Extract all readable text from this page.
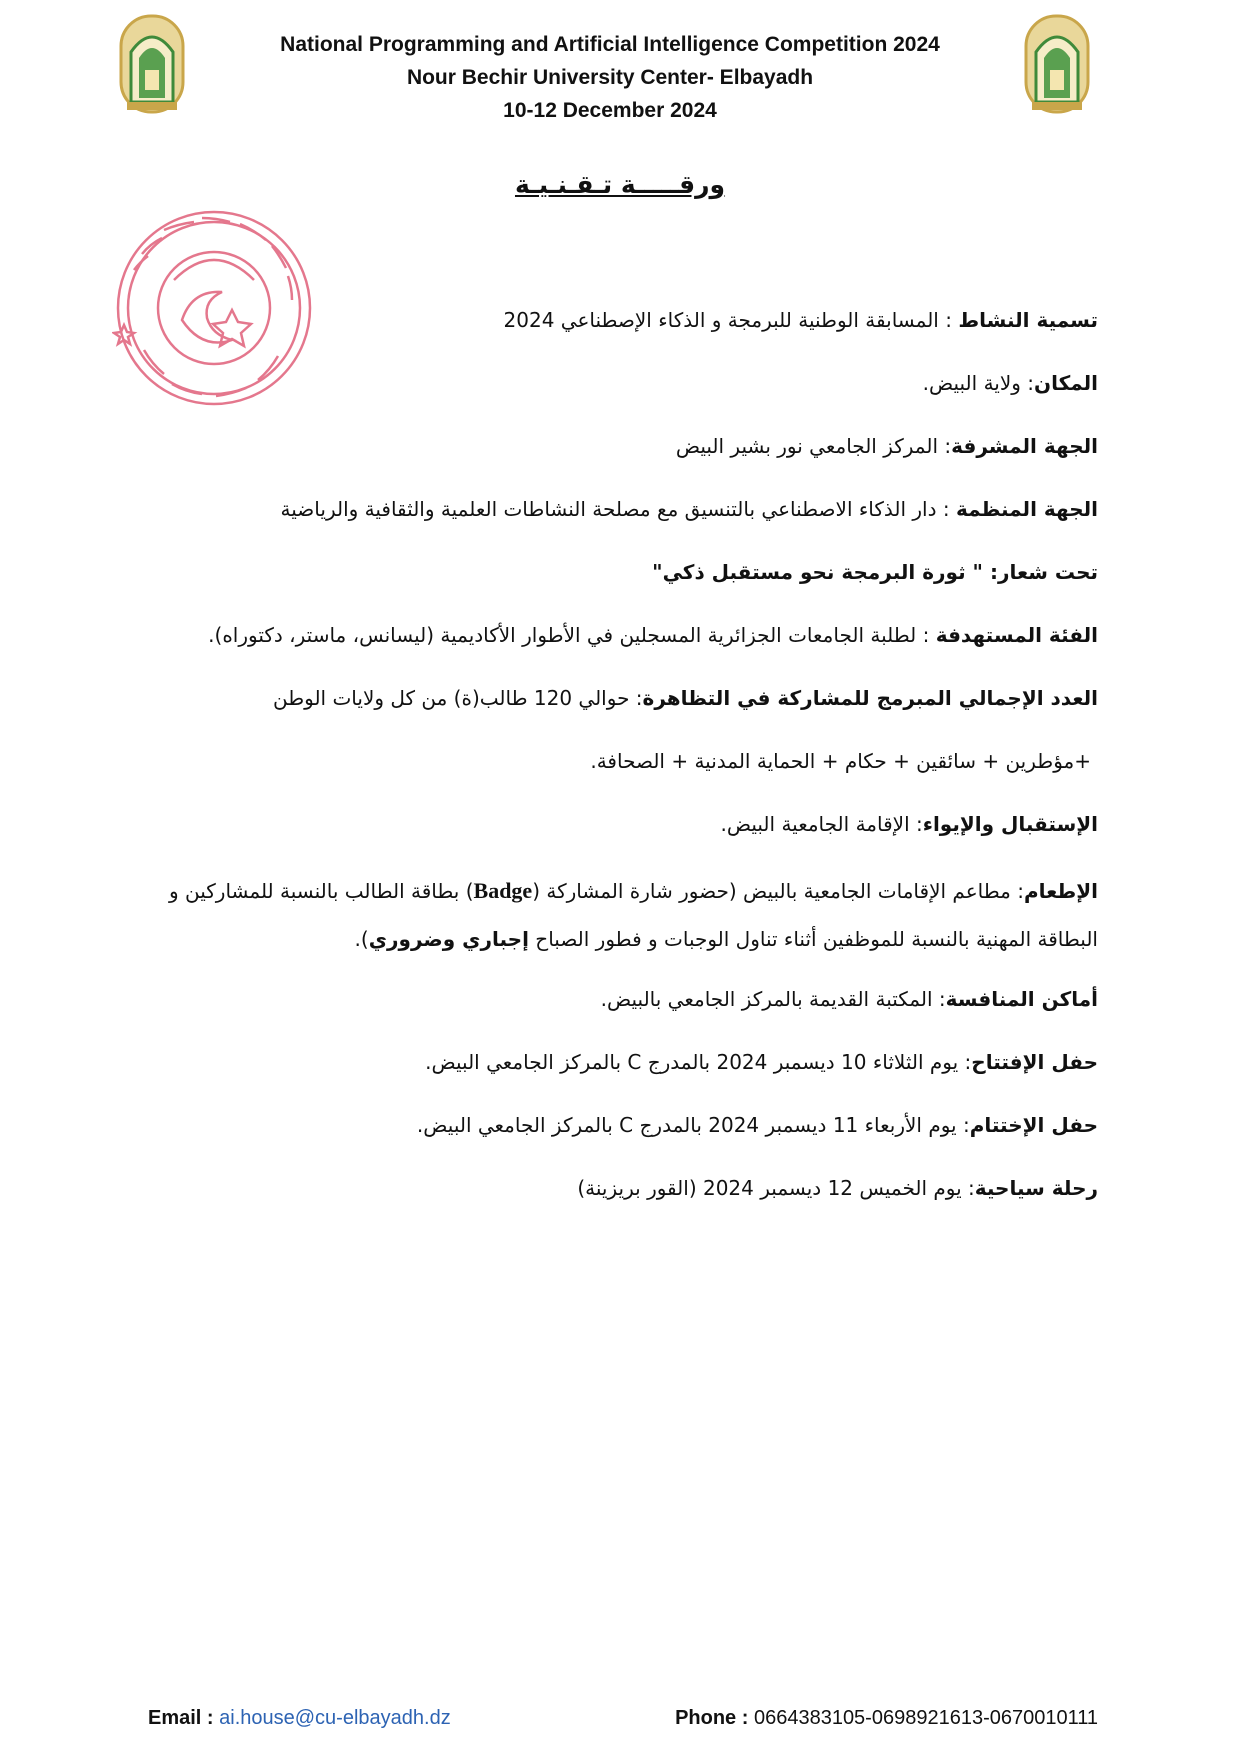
National Programming and Artificial Intelligence Competition 2024
Nour Bechir University Center- Elbayadh
10-12 December 2024
ورقـــــة تـقـنـيـة
تسمية النشاط : المسابقة الوطنية للبرمجة و الذكاء الإصطناعي 2024
المكان: ولاية البيض.
الجهة المشرفة: المركز الجامعي نور بشير البيض
الجهة المنظمة : دار الذكاء الاصطناعي بالتنسيق مع مصلحة النشاطات العلمية والثقافية والرياضية
تحت شعار: " ثورة البرمجة نحو مستقبل ذكي"
الفئة المستهدفة : لطلبة الجامعات الجزائرية المسجلين في الأطوار الأكاديمية (ليسانس، ماستر، دكتوراه).
العدد الإجمالي المبرمج للمشاركة في التظاهرة: حوالي 120 طالب(ة) من كل ولايات الوطن
+مؤطرين + سائقين + حكام + الحماية المدنية + الصحافة.
الإستقبال والإيواء: الإقامة الجامعية البيض.
الإطعام: مطاعم الإقامات الجامعية بالبيض (حضور شارة المشاركة (Badge) بطاقة الطالب بالنسبة للمشاركين و البطاقة المهنية بالنسبة للموظفين أثناء تناول الوجبات و فطور الصباح إجباري وضروري).
أماكن المنافسة: المكتبة القديمة بالمركز الجامعي بالبيض.
حفل الإفتتاح: يوم الثلاثاء 10 ديسمبر 2024 بالمدرج C بالمركز الجامعي البيض.
حفل الإختتام: يوم الأربعاء 11 ديسمبر 2024 بالمدرج C بالمركز الجامعي البيض.
رحلة سياحية: يوم الخميس 12 ديسمبر 2024 (القور بريزينة)
Email : ai.house@cu-elbayadh.dz	Phone : 0664383105-0698921613-0670010111
